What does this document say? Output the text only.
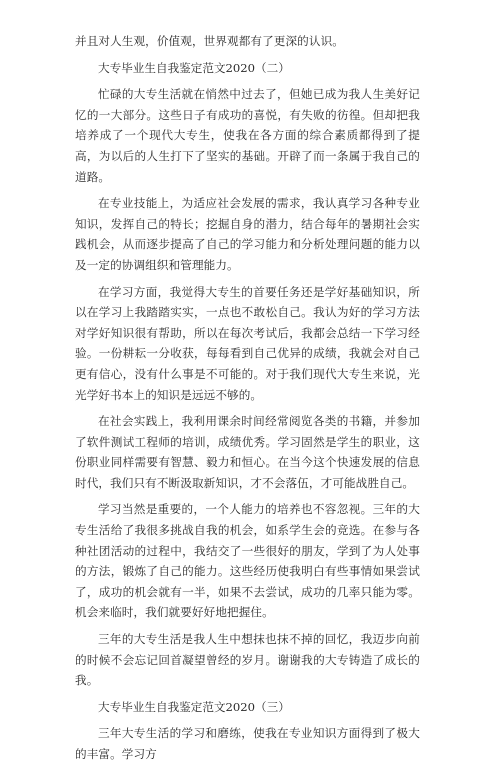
并且对人生观，价值观，世界观都有了更深的认识。

大专毕业生自我鉴定范文2020（二）

忙碌的大专生活就在悄然中过去了，但她已成为我人生美好记忆的一大部分。这些日子有成功的喜悦，有失败的彷徨。但却把我培养成了一个现代大专生，使我在各方面的综合素质都得到了提高，为以后的人生打下了坚实的基础。开辟了而一条属于我自己的道路。

在专业技能上，为适应社会发展的需求，我认真学习各种专业知识，发挥自己的特长；挖掘自身的潜力，结合每年的暑期社会实践机会，从而逐步提高了自己的学习能力和分析处理问题的能力以及一定的协调组织和管理能力。

在学习方面，我觉得大专生的首要任务还是学好基础知识，所以在学习上我踏踏实实，一点也不敢松自己。我认为好的学习方法对学好知识很有帮助，所以在每次考试后，我都会总结一下学习经验。一份耕耘一分收获，每每看到自己优异的成绩，我就会对自己更有信心，没有什么事是不可能的。对于我们现代大专生来说，光光学好书本上的知识是远远不够的。

在社会实践上，我利用课余时间经常阅览各类的书籍，并参加了软件测试工程师的培训，成绩优秀。学习固然是学生的职业，这份职业同样需要有智慧、毅力和恒心。在当今这个快速发展的信息时代，我们只有不断汲取新知识，才不会落伍，才可能战胜自己。

学习当然是重要的，一个人能力的培养也不容忽视。三年的大专生活给了我很多挑战自我的机会，如系学生会的竞选。在参与各种社团活动的过程中，我结交了一些很好的朋友，学到了为人处事的方法，锻炼了自己的能力。这些经历使我明白有些事情如果尝试了，成功的机会就有一半，如果不去尝试，成功的几率只能为零。机会来临时，我们就要好好地把握住。

三年的大专生活是我人生中想抹也抹不掉的回忆，我迈步向前的时候不会忘记回首凝望曾经的岁月。谢谢我的大专铸造了成长的我。

大专毕业生自我鉴定范文2020（三）

三年大专生活的学习和磨练，使我在专业知识方面得到了极大的丰富。学习方
